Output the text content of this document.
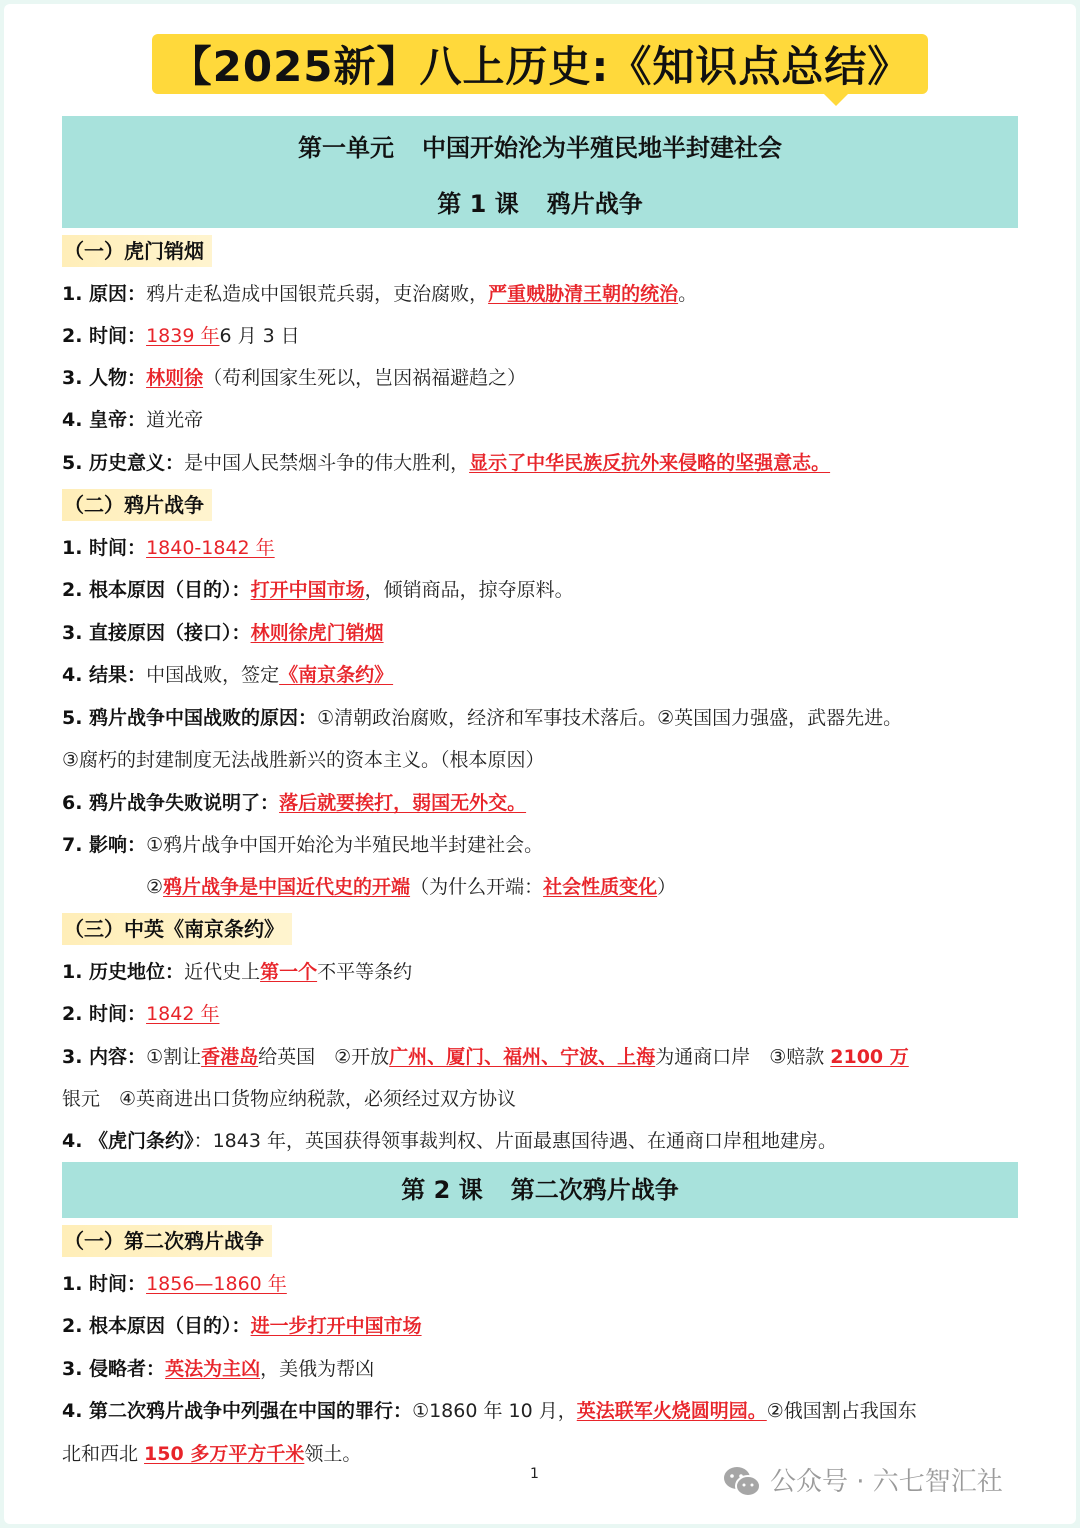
【2025新】八上历史:《知识点总结》
第一单元 中国开始沦为半殖民地半封建社会
第 1 课 鸦片战争
（一）虎门销烟
1. 原因：鸦片走私造成中国银荒兵弱，吏治腐败，严重贼胁清王朝的统治。
2. 时间：1839 年6 月 3 日
3. 人物：林则徐（苟利国家生死以，岂因祸福避趋之）
4. 皇帝：道光帝
5. 历史意义：是中国人民禁烟斗争的伟大胜利，显示了中华民族反抗外来侵略的坚强意志。
（二）鸦片战争
1. 时间：1840-1842 年
2. 根本原因（目的）：打开中国市场，倾销商品，掠夺原料。
3. 直接原因（接口）：林则徐虎门销烟
4. 结果：中国战败，签定《南京条约》
5. 鸦片战争中国战败的原因：①清朝政治腐败，经济和军事技术落后。②英国国力强盛，武器先进。
③腐朽的封建制度无法战胜新兴的资本主义。（根本原因）
6. 鸦片战争失败说明了：落后就要挨打，弱国无外交。
7. 影响：①鸦片战争中国开始沦为半殖民地半封建社会。
②鸦片战争是中国近代史的开端（为什么开端：社会性质变化）
（三）中英《南京条约》
1. 历史地位：近代史上第一个不平等条约
2. 时间：1842 年
3. 内容：①割让香港岛给英国　②开放广州、厦门、福州、宁波、上海为通商口岸　③赔款 2100 万
银元　④英商进出口货物应纳税款，必须经过双方协议
4. 《虎门条约》：1843 年，英国获得领事裁判权、片面最惠国待遇、在通商口岸租地建房。
第 2 课 第二次鸦片战争
（一）第二次鸦片战争
1. 时间：1856—1860 年
2. 根本原因（目的）：进一步打开中国市场
3. 侵略者：英法为主凶，美俄为帮凶
4. 第二次鸦片战争中列强在中国的罪行：①1860 年 10 月，英法联军火烧圆明园。②俄国割占我国东
北和西北 150 多万平方千米领土。
1	公众号 · 六七智汇社
